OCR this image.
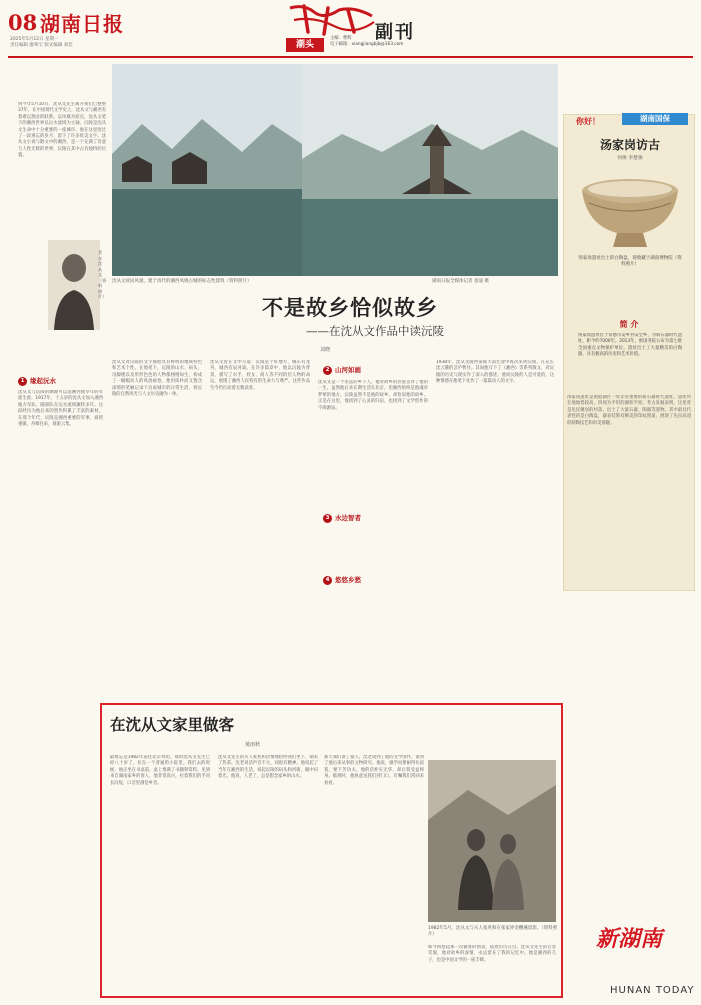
08 湖南日报
2025年5月12日 星期一
责任编辑 廖翠宝 版式编辑 刘佳
副刊
潮头
主编：曹辉
电子邮箱：xiangjiangbjb@163.com
到今年5月10日，沈从文先生离开我们已整整37年。在中国现代文学史上，沈从文与湘西有着难以割舍的联系。以凤凰为原点，沈从文笔下的湘西世界以沅水流域为主轴，沅陵是沈从文生命中十分重要的一座城市，他在这里度过了一段难忘的岁月，留下了许多优美文字。沈从文小说与散文中的湘西，是一个充满了诗意与人性光辉的世界，沅陵在其中占有独特的位置。
青年沈从文（资料照片）
沈从文故居风貌，建于清代的湘西凤凰古城的标志性建筑（资料照片）	湖南日报全媒体记者 童迪 摄
不是故乡恰似故乡
——在沈从文作品中读沅陵
刘晓
1 缘起沅水
2 山河如画
3 水边智者
4 悠悠乡愁
沈从文与沅陵的渊源可以追溯到他早年的军旅生涯。1917年，十五岁的沈从文加入湘西地方军队，随部队在沅水流域辗转多年。这段经历为他后来的创作积累了丰富的素材。在那个年代，沅陵是湘西重要的军事、商贸重镇，舟楫往来，商旅云集。
沈从文对沅陵的文字描绘具有鲜明的地域特色和艺术个性。在他笔下，沅陵的山水、码头、吊脚楼以及形形色色的人物都栩栩如生，构成了一幅幅动人的风俗画卷。他用质朴而又饱含深情的笔触记录下这座城市的日常生活，将沅陵的自然风光与人文历史融为一体。
沈从文曾在文中写道：沅陵是个好地方，城东有龙舟，城西有辰河戏。在许多篇章中，他以沅陵为背景，描写了水手、妓女、商人等不同阶层人物的命运，展现了湘西人民特有的生命力与尊严。这些作品至今仍打动着无数读者。
沈从文是一个永远的乡下人，他对故乡的热爱贯穿了他的一生。虽然他后来长期生活在北京，但湘西始终是他魂牵梦萦的地方。沅陵虽然不是他的故乡，却恰似他的故乡。正是在这里，他找到了心灵的归宿，也找到了文学创作的不竭源泉。
1938年，沈从文随西南联大南迁途中再次来到沅陵，在兄长沈云麓的芸庐暂住。其间他写下了《湘西》等系列散文，对沅陵的历史与现实作了深入的描述。他说沅陵的人是可爱的，这种情感在他笔下化作了一篇篇动人的文字。
你好！	湖南国保
汤家岗访古
何俊 李楚俊
汤家岗遗址出土的白陶盘，现收藏于湖南博物院（资料照片）
简 介
汤家岗遗址位于常德市安乡县安全乡，为新石器时代遗址，距今约7000年。2013年，被国务院公布为第七批全国重点文物保护单位。遗址出土了大量精美的白陶器，具有极高的历史和艺术价值。
汤家岗遗址是洞庭湖区一处非常重要的新石器时代遗址。遗址所在地地势较高，四周为平坦的湖积平原。考古发掘表明，这里曾是先民聚居的村落，出土了大量石器、陶器等遗物。其中最具代表性的是白陶盘，器表装饰有精美的印纹图案，展现了先民高超的制陶技艺和审美情趣。
在沈从文家里做客
黄雨秋
最难忘是1982年前往北京拜访，那时沈从文先生已经八十岁了，住在一个普通的小院里。我们去的时候，他正坐在书桌前，桌上堆满了书籍和资料。见到来自湖南家乡的客人，他非常高兴，拉着我们的手问长问短，口音里满是乡音。
沈从文先生的夫人张兆和热情地招呼我们坐下，端来了热茶。沈老说话声音不大，却很有精神。他说起了当年在湘西的生活，说起沅陵的码头和河街，眼中闪着光。他说，人老了，总是想念家乡的山水。
那天我们谈了很久。沈老谈到了他的文学创作，谈到了他后来从事的文物研究。他说，做学问要耐得住寂寞，要下苦功夫。他的话朴实无华，却让我受益终身。临别时，他执意送我们到门口，叮嘱我们常回来看看。
1982年5月，沈从文与夫人张兆和在张家界金鞭溪留影。（资料照片）
如今回想起那一次做客的情景，依然历历在目。沈从文先生的音容笑貌，他对故乡的深情，永远留在了我的记忆中。他是湘西的儿子，也是中国文学的一座丰碑。
新湖南
HUNAN TODAY
